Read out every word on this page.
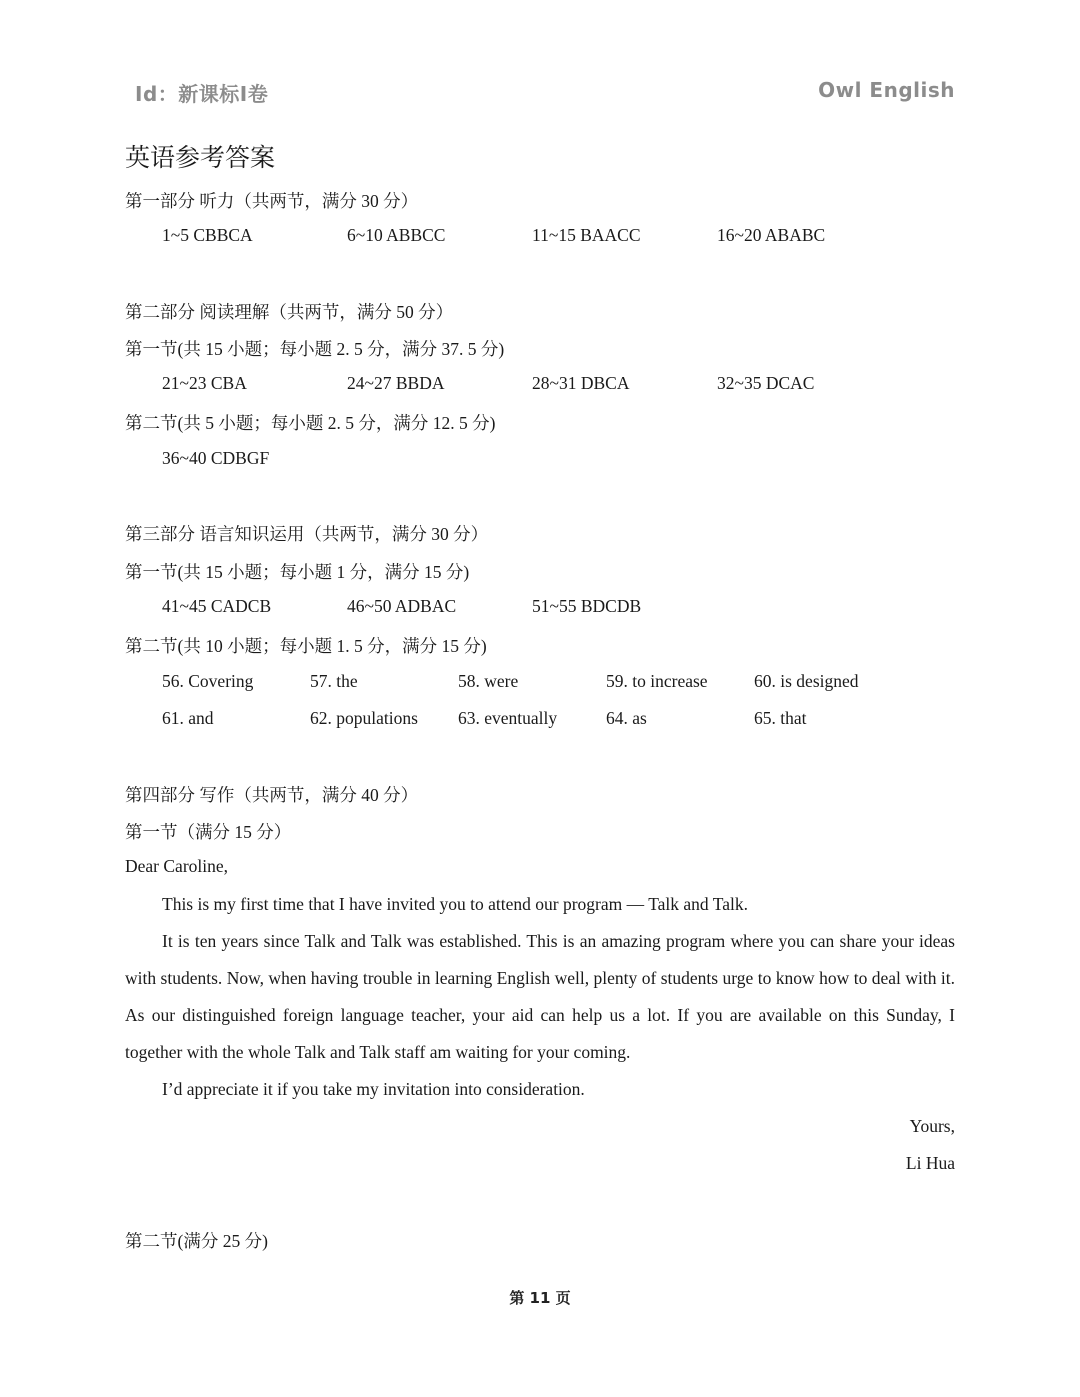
Id：新课标I卷	Owl English
英语参考答案
第一部分 听力（共两节，满分 30 分）
1~5 CBBCA	6~10 ABBCC	11~15 BAACC	16~20 ABABC
第二部分 阅读理解（共两节，满分 50 分）
第一节(共 15 小题；每小题 2. 5 分，满分 37. 5 分)
21~23 CBA	24~27 BBDA	28~31 DBCA	32~35 DCAC
第二节(共 5 小题；每小题 2. 5 分，满分 12. 5 分)
36~40 CDBGF
第三部分 语言知识运用（共两节，满分 30 分）
第一节(共 15 小题；每小题 1 分，满分 15 分)
41~45 CADCB	46~50 ADBAC	51~55 BDCDB
第二节(共 10 小题；每小题 1. 5 分，满分 15 分)
56. Covering	57. the	58. were	59. to increase	60. is designed
61. and	62. populations 63. eventually	64. as	65. that
第四部分 写作（共两节，满分 40 分）
第一节（满分 15 分）
Dear Caroline,
This is my first time that I have invited you to attend our program — Talk and Talk.
It is ten years since Talk and Talk was established. This is an amazing program where you can share your ideas with students. Now, when having trouble in learning English well, plenty of students urge to know how to deal with it. As our distinguished foreign language teacher, your aid can help us a lot. If you are available on this Sunday, I together with the whole Talk and Talk staff am waiting for your coming.
I’d appreciate it if you take my invitation into consideration.
Yours,
Li Hua
第二节(满分 25 分)
第 11 页
